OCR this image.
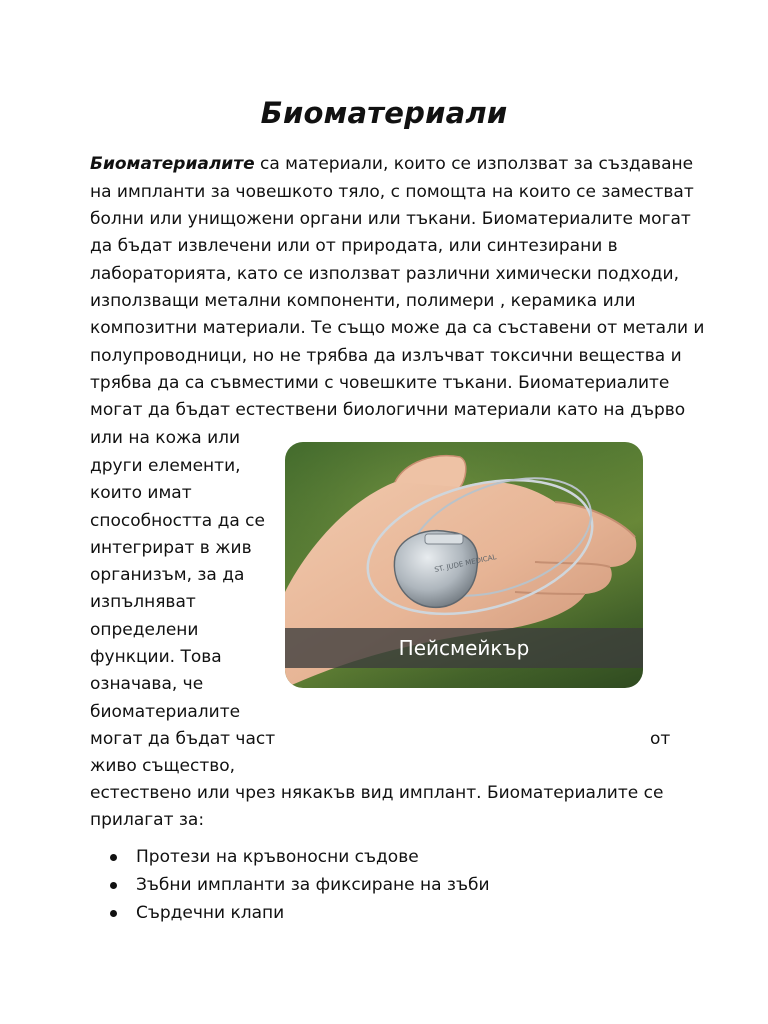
Биоматериали
Биоматериалите са материали, които се използват за създаване
на импланти за човешкото тяло, с помощта на които се заместват
болни или унищожени органи или тъкани. Биоматериалите могат
да бъдат извлечени или от природата, или синтезирани в
лабораторията, като се използват различни химически подходи,
използващи метални компоненти, полимери , керамика или
композитни материали. Те също може да са съставени от метали и
полупроводници, но не трябва да излъчват токсични вещества и
трябва да са съвместими с човешките тъкани. Биоматериалите
могат да бъдат естествени биологични материали като на дърво
или на кожа или
други елементи,
които имат
способността да се
интегрират в жив
организъм, за да
изпълняват
определени
функции. Това
означава, че
биоматериалите
могат да бъдат част	от
живо същество,
естествено или чрез някакъв вид имплант. Биоматериалите се
прилагат за:
ST. JUDE MEDICAL
Пейсмейкър
Протези на кръвоносни съдове
Зъбни импланти за фиксиране на зъби
Сърдечни клапи
